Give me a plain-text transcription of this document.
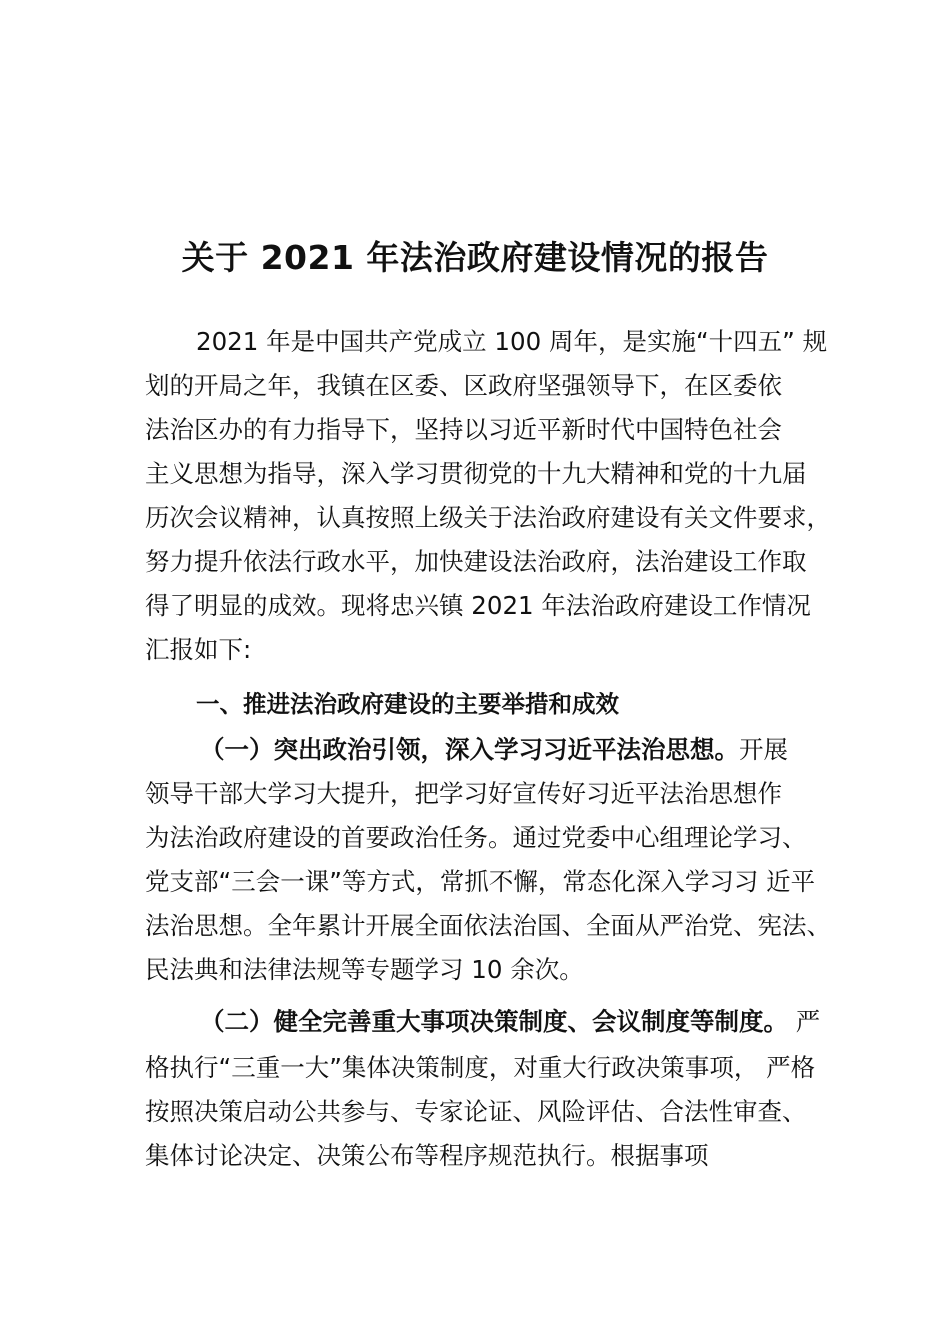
关于 2021 年法治政府建设情况的报告
2021 年是中国共产党成立 100 周年，是实施“十四五” 规
划的开局之年，我镇在区委、区政府坚强领导下，在区委依
法治区办的有力指导下，坚持以习近平新时代中国特色社会
主义思想为指导，深入学习贯彻党的十九大精神和党的十九届
历次会议精神，认真按照上级关于法治政府建设有关文件要求，
努力提升依法行政水平，加快建设法治政府，法治建设工作取
得了明显的成效。现将忠兴镇 2021 年法治政府建设工作情况
汇报如下:
一、推进法治政府建设的主要举措和成效
（一）突出政治引领，深入学习习近平法治思想。开展
领导干部大学习大提升，把学习好宣传好习近平法治思想作
为法治政府建设的首要政治任务。通过党委中心组理论学习、
党支部“三会一课”等方式，常抓不懈，常态化深入学习习 近平
法治思想。全年累计开展全面依法治国、全面从严治党、宪法、
民法典和法律法规等专题学习 10 余次。
（二）健全完善重大事项决策制度、会议制度等制度。 严
格执行“三重一大”集体决策制度，对重大行政决策事项， 严格
按照决策启动公共参与、专家论证、风险评估、合法性审查、
集体讨论决定、决策公布等程序规范执行。根据事项
